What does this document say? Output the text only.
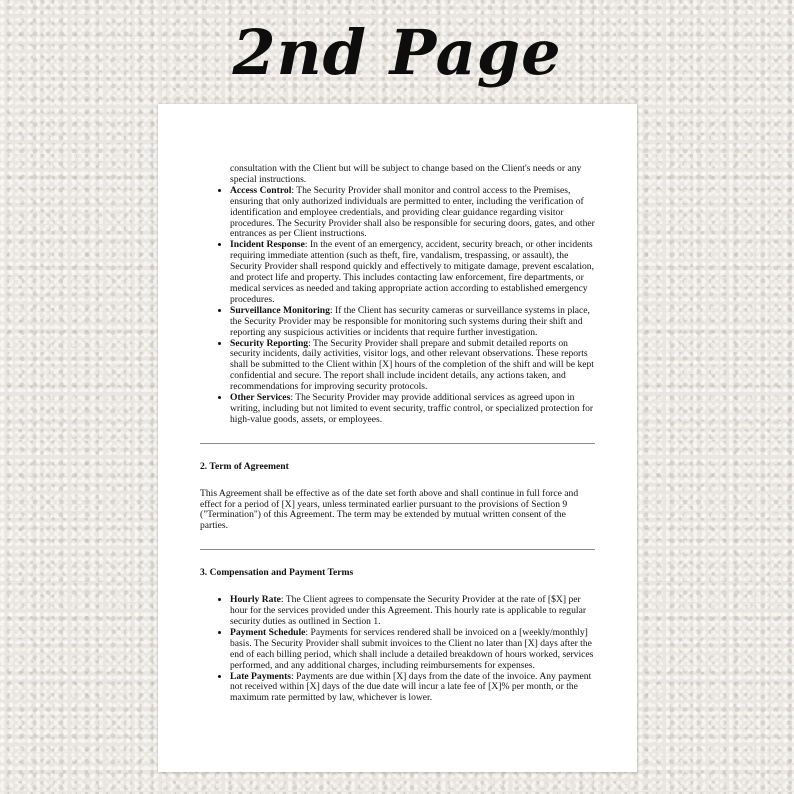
2nd Page
consultation with the Client but will be subject to change based on the Client's needs or any special instructions.
• Access Control: The Security Provider shall monitor and control access to the Premises, ensuring that only authorized individuals are permitted to enter, including the verification of identification and employee credentials, and providing clear guidance regarding visitor procedures. The Security Provider shall also be responsible for securing doors, gates, and other entrances as per Client instructions.
• Incident Response: In the event of an emergency, accident, security breach, or other incidents requiring immediate attention (such as theft, fire, vandalism, trespassing, or assault), the Security Provider shall respond quickly and effectively to mitigate damage, prevent escalation, and protect life and property. This includes contacting law enforcement, fire departments, or medical services as needed and taking appropriate action according to established emergency procedures.
• Surveillance Monitoring: If the Client has security cameras or surveillance systems in place, the Security Provider may be responsible for monitoring such systems during their shift and reporting any suspicious activities or incidents that require further investigation.
• Security Reporting: The Security Provider shall prepare and submit detailed reports on security incidents, daily activities, visitor logs, and other relevant observations. These reports shall be submitted to the Client within [X] hours of the completion of the shift and will be kept confidential and secure. The report shall include incident details, any actions taken, and recommendations for improving security protocols.
• Other Services: The Security Provider may provide additional services as agreed upon in writing, including but not limited to event security, traffic control, or specialized protection for high-value goods, assets, or employees.
2. Term of Agreement

This Agreement shall be effective as of the date set forth above and shall continue in full force and effect for a period of [X] years, unless terminated earlier pursuant to the provisions of Section 9 ("Termination") of this Agreement. The term may be extended by mutual written consent of the parties.

3. Compensation and Payment Terms
• Hourly Rate: The Client agrees to compensate the Security Provider at the rate of [$X] per hour for the services provided under this Agreement. This hourly rate is applicable to regular security duties as outlined in Section 1.
• Payment Schedule: Payments for services rendered shall be invoiced on a [weekly/monthly] basis. The Security Provider shall submit invoices to the Client no later than [X] days after the end of each billing period, which shall include a detailed breakdown of hours worked, services performed, and any additional charges, including reimbursements for expenses.
• Late Payments: Payments are due within [X] days from the date of the invoice. Any payment not received within [X] days of the due date will incur a late fee of [X]% per month, or the maximum rate permitted by law, whichever is lower.
